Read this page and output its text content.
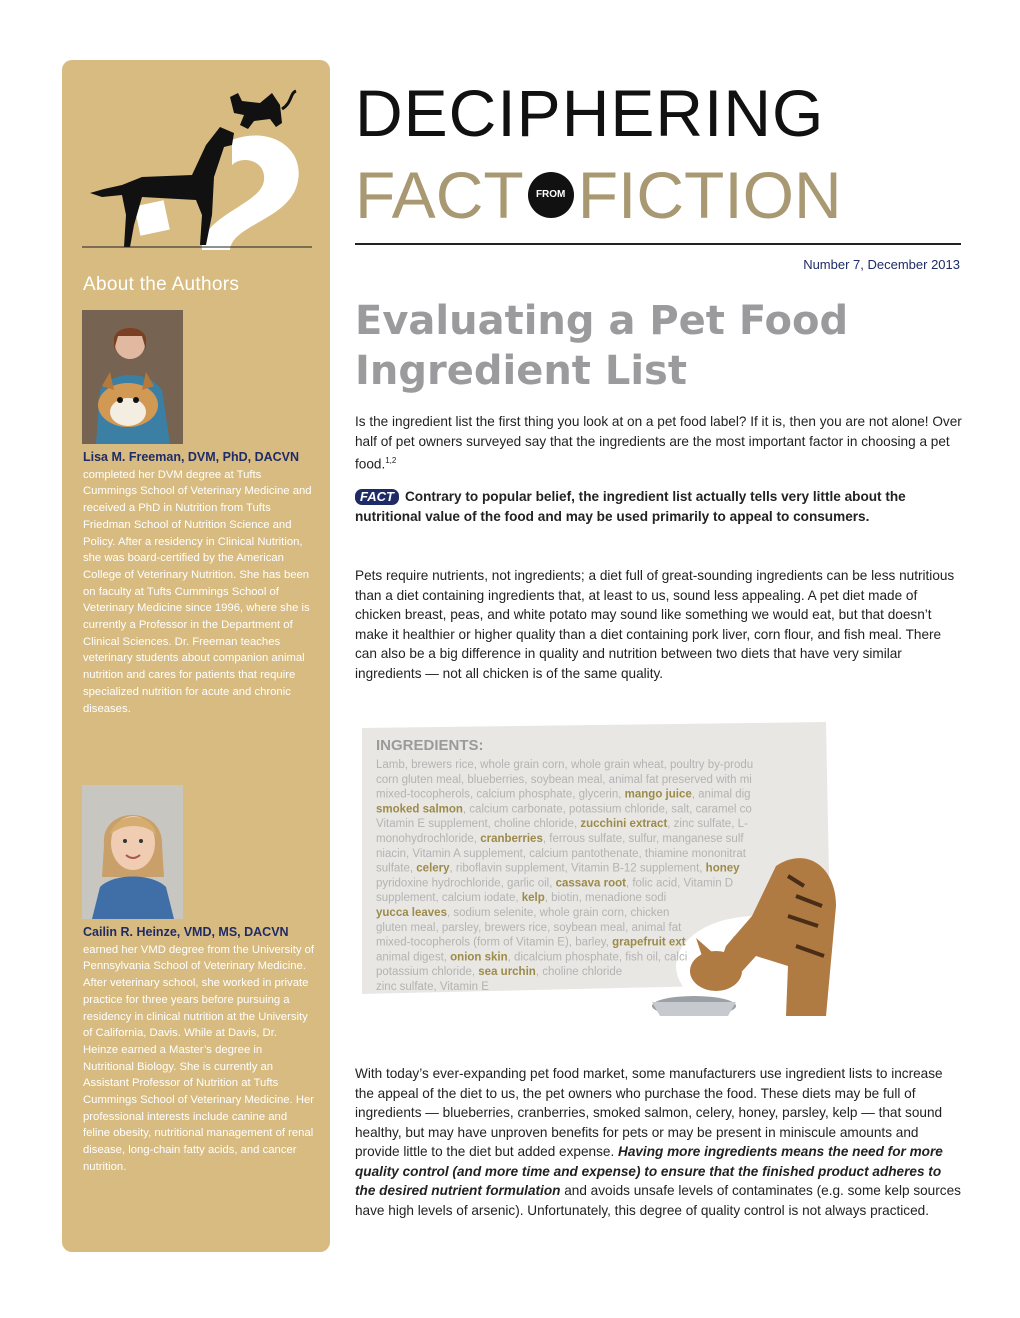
About the Authors
Lisa M. Freeman, DVM, PhD, DACVN completed her DVM degree at Tufts Cummings School of Veterinary Medicine and received a PhD in Nutrition from Tufts Friedman School of Nutrition Science and Policy. After a residency in Clinical Nutrition, she was board-certified by the American College of Veterinary Nutrition. She has been on faculty at Tufts Cummings School of Veterinary Medicine since 1996, where she is currently a Professor in the Department of Clinical Sciences. Dr. Freeman teaches veterinary students about companion animal nutrition and cares for patients that require specialized nutrition for acute and chronic diseases.
Cailin R. Heinze, VMD, MS, DACVN earned her VMD degree from the University of Pennsylvania School of Veterinary Medicine. After veterinary school, she worked in private practice for three years before pursuing a residency in clinical nutrition at the University of California, Davis. While at Davis, Dr. Heinze earned a Master’s degree in Nutritional Biology. She is currently an Assistant Professor of Nutrition at Tufts Cummings School of Veterinary Medicine. Her professional interests include canine and feline obesity, nutritional management of renal disease, long-chain fatty acids, and cancer nutrition.
DECIPHERING
FACT	FROM FICTION
Number 7, December 2013
Evaluating a Pet Food Ingredient List
Is the ingredient list the first thing you look at on a pet food label? If it is, then you are not alone! Over half of pet owners surveyed say that the ingredients are the most important factor in choosing a pet food.$^{1,2}$
FACT Contrary to popular belief, the ingredient list actually tells very little about the nutritional value of the food and may be used primarily to appeal to consumers.
Pets require nutrients, not ingredients; a diet full of great-sounding ingredients can be less nutritious than a diet containing ingredients that, at least to us, sound less appealing. A pet diet made of chicken breast, peas, and white potato may sound like something we would eat, but that doesn’t make it healthier or higher quality than a diet containing pork liver, corn flour, and fish meal. There can also be a big difference in quality and nutrition between two diets that have very similar ingredients — not all chicken is of the same quality.
Lamb, brewers rice, whole grain corn, whole grain wheat, poultry by-produ
corn gluten meal, blueberries, soybean meal, animal fat preserved with mi
mixed-tocopherols, calcium phosphate, glycerin, mango juice, animal dig
smoked salmon, calcium carbonate, potassium chloride, salt, caramel co
Vitamin E supplement, choline chloride, zucchini extract, zinc sulfate, L-
monohydrochloride, cranberries, ferrous sulfate, sulfur, manganese sulf
niacin, Vitamin A supplement, calcium pantothenate, thiamine mononitrat
sulfate, celery, riboflavin supplement, Vitamin B-12 supplement, honey
pyridoxine hydrochloride, garlic oil, cassava root, folic acid, Vitamin D
supplement, calcium iodate, kelp, biotin, menadione sodi
yucca leaves, sodium selenite, whole grain corn, chicken
gluten meal, parsley, brewers rice, soybean meal, animal fat
mixed-tocopherols (form of Vitamin E), barley, grapefruit ext
animal digest, onion skin, dicalcium phosphate, fish oil, calci
potassium chloride, sea urchin, choline chloride
zinc sulfate, Vitamin E
INGREDIENTS:
With today’s ever-expanding pet food market, some manufacturers use ingredient lists to increase the appeal of the diet to us, the pet owners who purchase the food. These diets may be full of ingredients — blueberries, cranberries, smoked salmon, celery, honey, parsley, kelp — that sound healthy, but may have unproven benefits for pets or may be present in miniscule amounts and provide little to the diet but added expense. Having more ingredients means the need for more quality control (and more time and expense) to ensure that the finished product adheres to the desired nutrient formulation and avoids unsafe levels of contaminates (e.g. some kelp sources have high levels of arsenic). Unfortunately, this degree of quality control is not always practiced.
